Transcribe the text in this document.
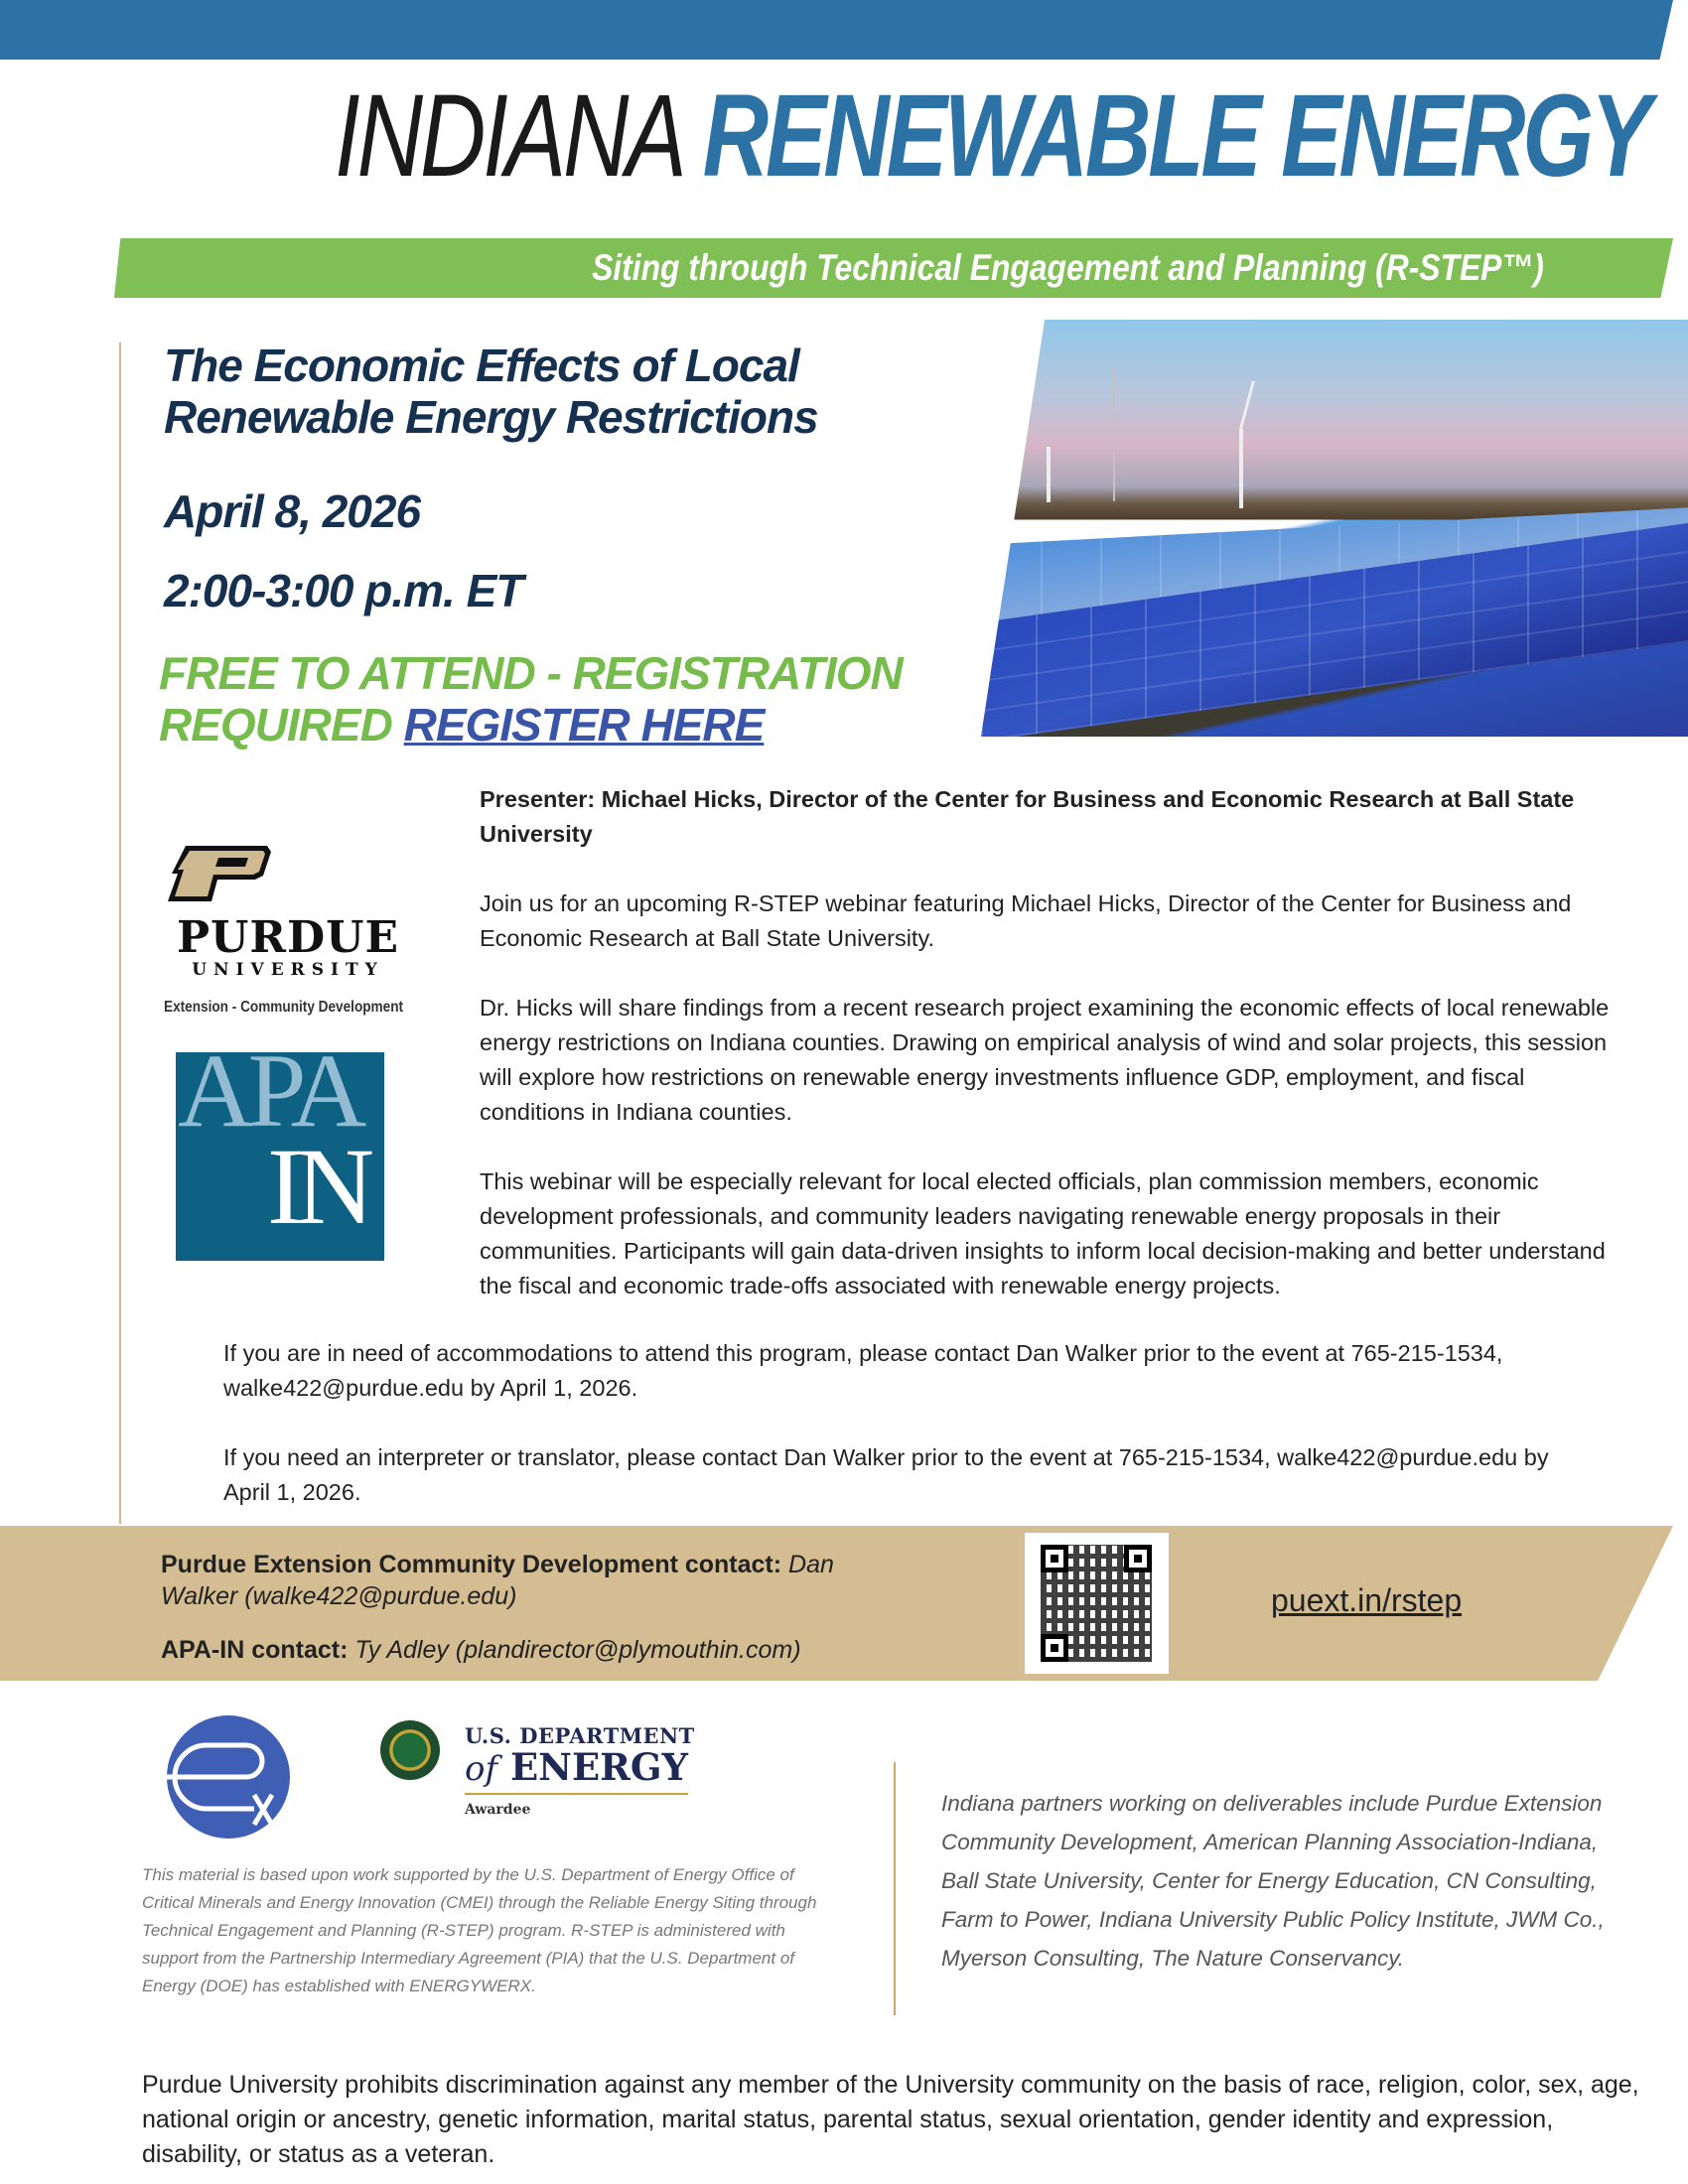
INDIANA RENEWABLE ENERGY
Siting through Technical Engagement and Planning (R-STEP™)
The Economic Effects of Local Renewable Energy Restrictions
April 8, 2026
2:00-3:00 p.m. ET
FREE TO ATTEND - REGISTRATION REQUIRED REGISTER HERE
PURDUE
UNIVERSITY
Extension - Community Development
APA
IN

Presenter: Michael Hicks, Director of the Center for Business and Economic Research at Ball State University

Join us for an upcoming R-STEP webinar featuring Michael Hicks, Director of the Center for Business and Economic Research at Ball State University.

Dr. Hicks will share findings from a recent research project examining the economic effects of local renewable energy restrictions on Indiana counties. Drawing on empirical analysis of wind and solar projects, this session will explore how restrictions on renewable energy investments influence GDP, employment, and fiscal conditions in Indiana counties.

This webinar will be especially relevant for local elected officials, plan commission members, economic development professionals, and community leaders navigating renewable energy proposals in their communities. Participants will gain data-driven insights to inform local decision-making and better understand the fiscal and economic trade-offs associated with renewable energy projects.

If you are in need of accommodations to attend this program, please contact Dan Walker prior to the event at 765-215-1534, walke422@purdue.edu by April 1, 2026.

If you need an interpreter or translator, please contact Dan Walker prior to the event at 765-215-1534, walke422@purdue.edu by April 1, 2026.

Purdue Extension Community Development contact: Dan Walker (walke422@purdue.edu)
APA-IN contact: Ty Adley (plandirector@plymouthin.com)
puext.in/rstep
U.S. DEPARTMENT
of ENERGY
Awardee
This material is based upon work supported by the U.S. Department of Energy Office of Critical Minerals and Energy Innovation (CMEI) through the Reliable Energy Siting through Technical Engagement and Planning (R-STEP) program. R-STEP is administered with support from the Partnership Intermediary Agreement (PIA) that the U.S. Department of Energy (DOE) has established with ENERGYWERX.
Indiana partners working on deliverables include Purdue Extension Community Development, American Planning Association-Indiana, Ball State University, Center for Energy Education, CN Consulting, Farm to Power, Indiana University Public Policy Institute, JWM Co., Myerson Consulting, The Nature Conservancy.
Purdue University prohibits discrimination against any member of the University community on the basis of race, religion, color, sex, age, national origin or ancestry, genetic information, marital status, parental status, sexual orientation, gender identity and expression, disability, or status as a veteran.
